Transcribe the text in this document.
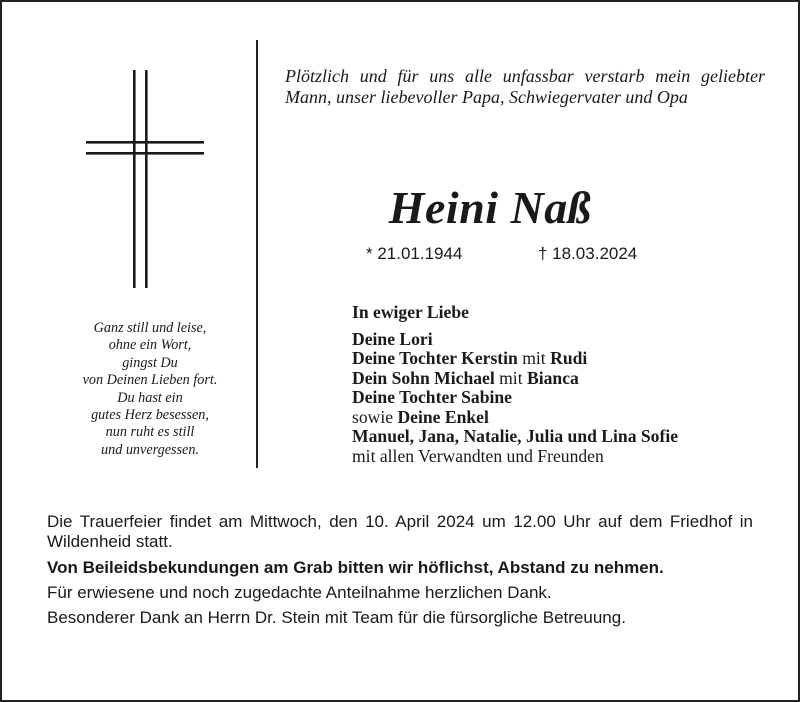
Ganz still und leise,
ohne ein Wort,
gingst Du
von Deinen Lieben fort.
Du hast ein
gutes Herz besessen,
nun ruht es still
und unvergessen.
Plötzlich und für uns alle unfassbar verstarb mein geliebter Mann, unser liebevoller Papa, Schwiegervater und Opa
Heini Naß
* 21.01.1944	† 18.03.2024
In ewiger Liebe
Deine Lori
Deine Tochter Kerstin mit Rudi
Dein Sohn Michael mit Bianca
Deine Tochter Sabine
sowie Deine Enkel
Manuel, Jana, Natalie, Julia und Lina Sofie
mit allen Verwandten und Freunden

Die Trauerfeier findet am Mittwoch, den 10. April 2024 um 12.00 Uhr auf dem Friedhof in Wildenheid statt.

Von Beileidsbekundungen am Grab bitten wir höflichst, Abstand zu nehmen.

Für erwiesene und noch zugedachte Anteilnahme herzlichen Dank.

Besonderer Dank an Herrn Dr. Stein mit Team für die fürsorgliche Betreuung.
